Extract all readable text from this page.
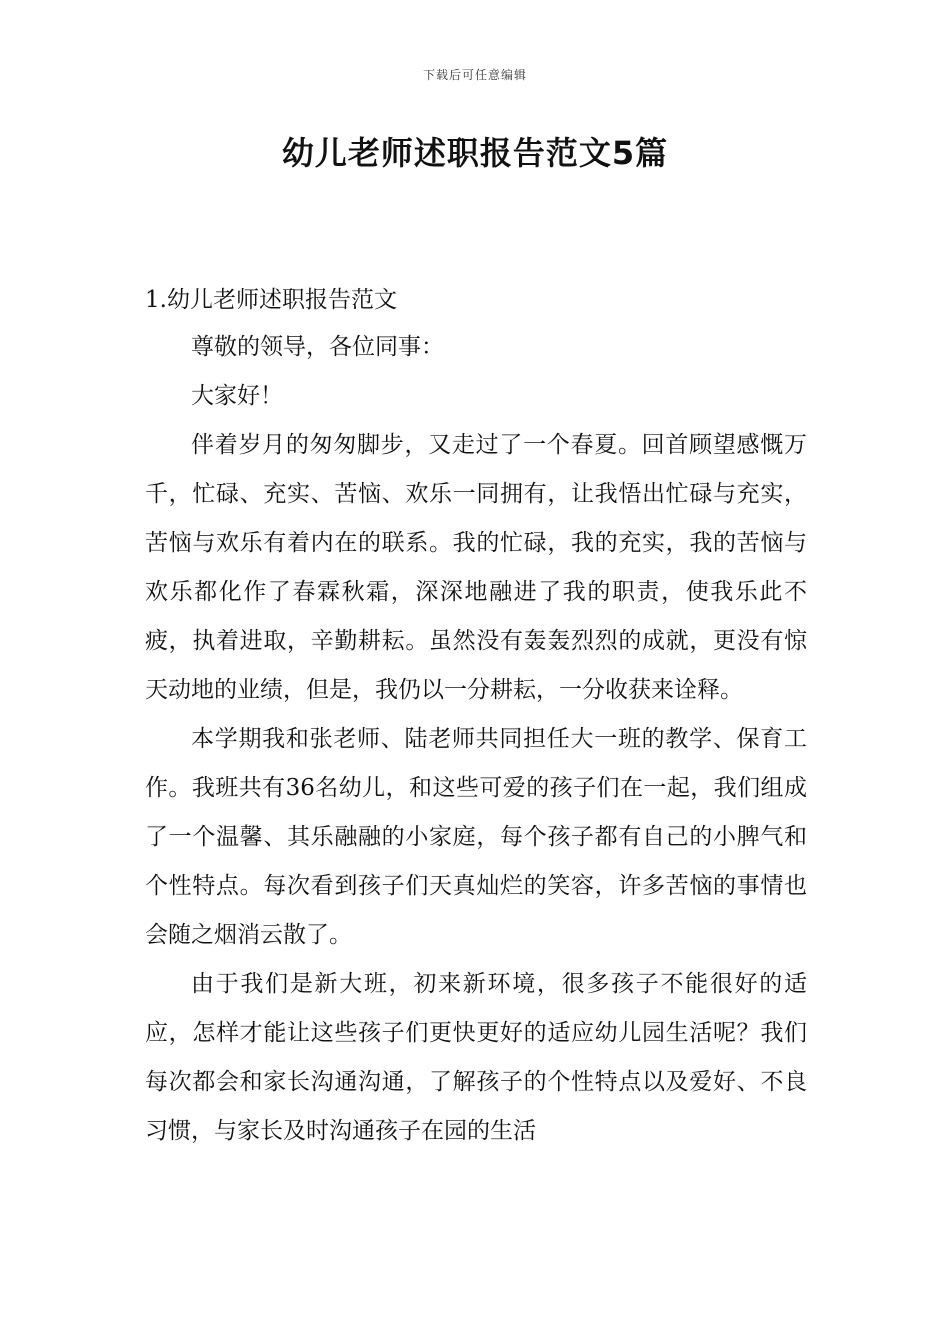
下载后可任意编辑
幼儿老师述职报告范文5篇

1.幼儿老师述职报告范文

尊敬的领导，各位同事：

大家好！

伴着岁月的匆匆脚步，又走过了一个春夏。回首顾望感慨万千，忙碌、充实、苦恼、欢乐一同拥有，让我悟出忙碌与充实，苦恼与欢乐有着内在的联系。我的忙碌，我的充实，我的苦恼与欢乐都化作了春霖秋霜，深深地融进了我的职责，使我乐此不疲，执着进取，辛勤耕耘。虽然没有轰轰烈烈的成就，更没有惊天动地的业绩，但是，我仍以一分耕耘，一分收获来诠释。

本学期我和张老师、陆老师共同担任大一班的教学、保育工作。我班共有36名幼儿，和这些可爱的孩子们在一起，我们组成了一个温馨、其乐融融的小家庭，每个孩子都有自己的小脾气和个性特点。每次看到孩子们天真灿烂的笑容，许多苦恼的事情也会随之烟消云散了。

由于我们是新大班，初来新环境，很多孩子不能很好的适应，怎样才能让这些孩子们更快更好的适应幼儿园生活呢？我们每次都会和家长沟通沟通，了解孩子的个性特点以及爱好、不良习惯，与家长及时沟通孩子在园的生活
